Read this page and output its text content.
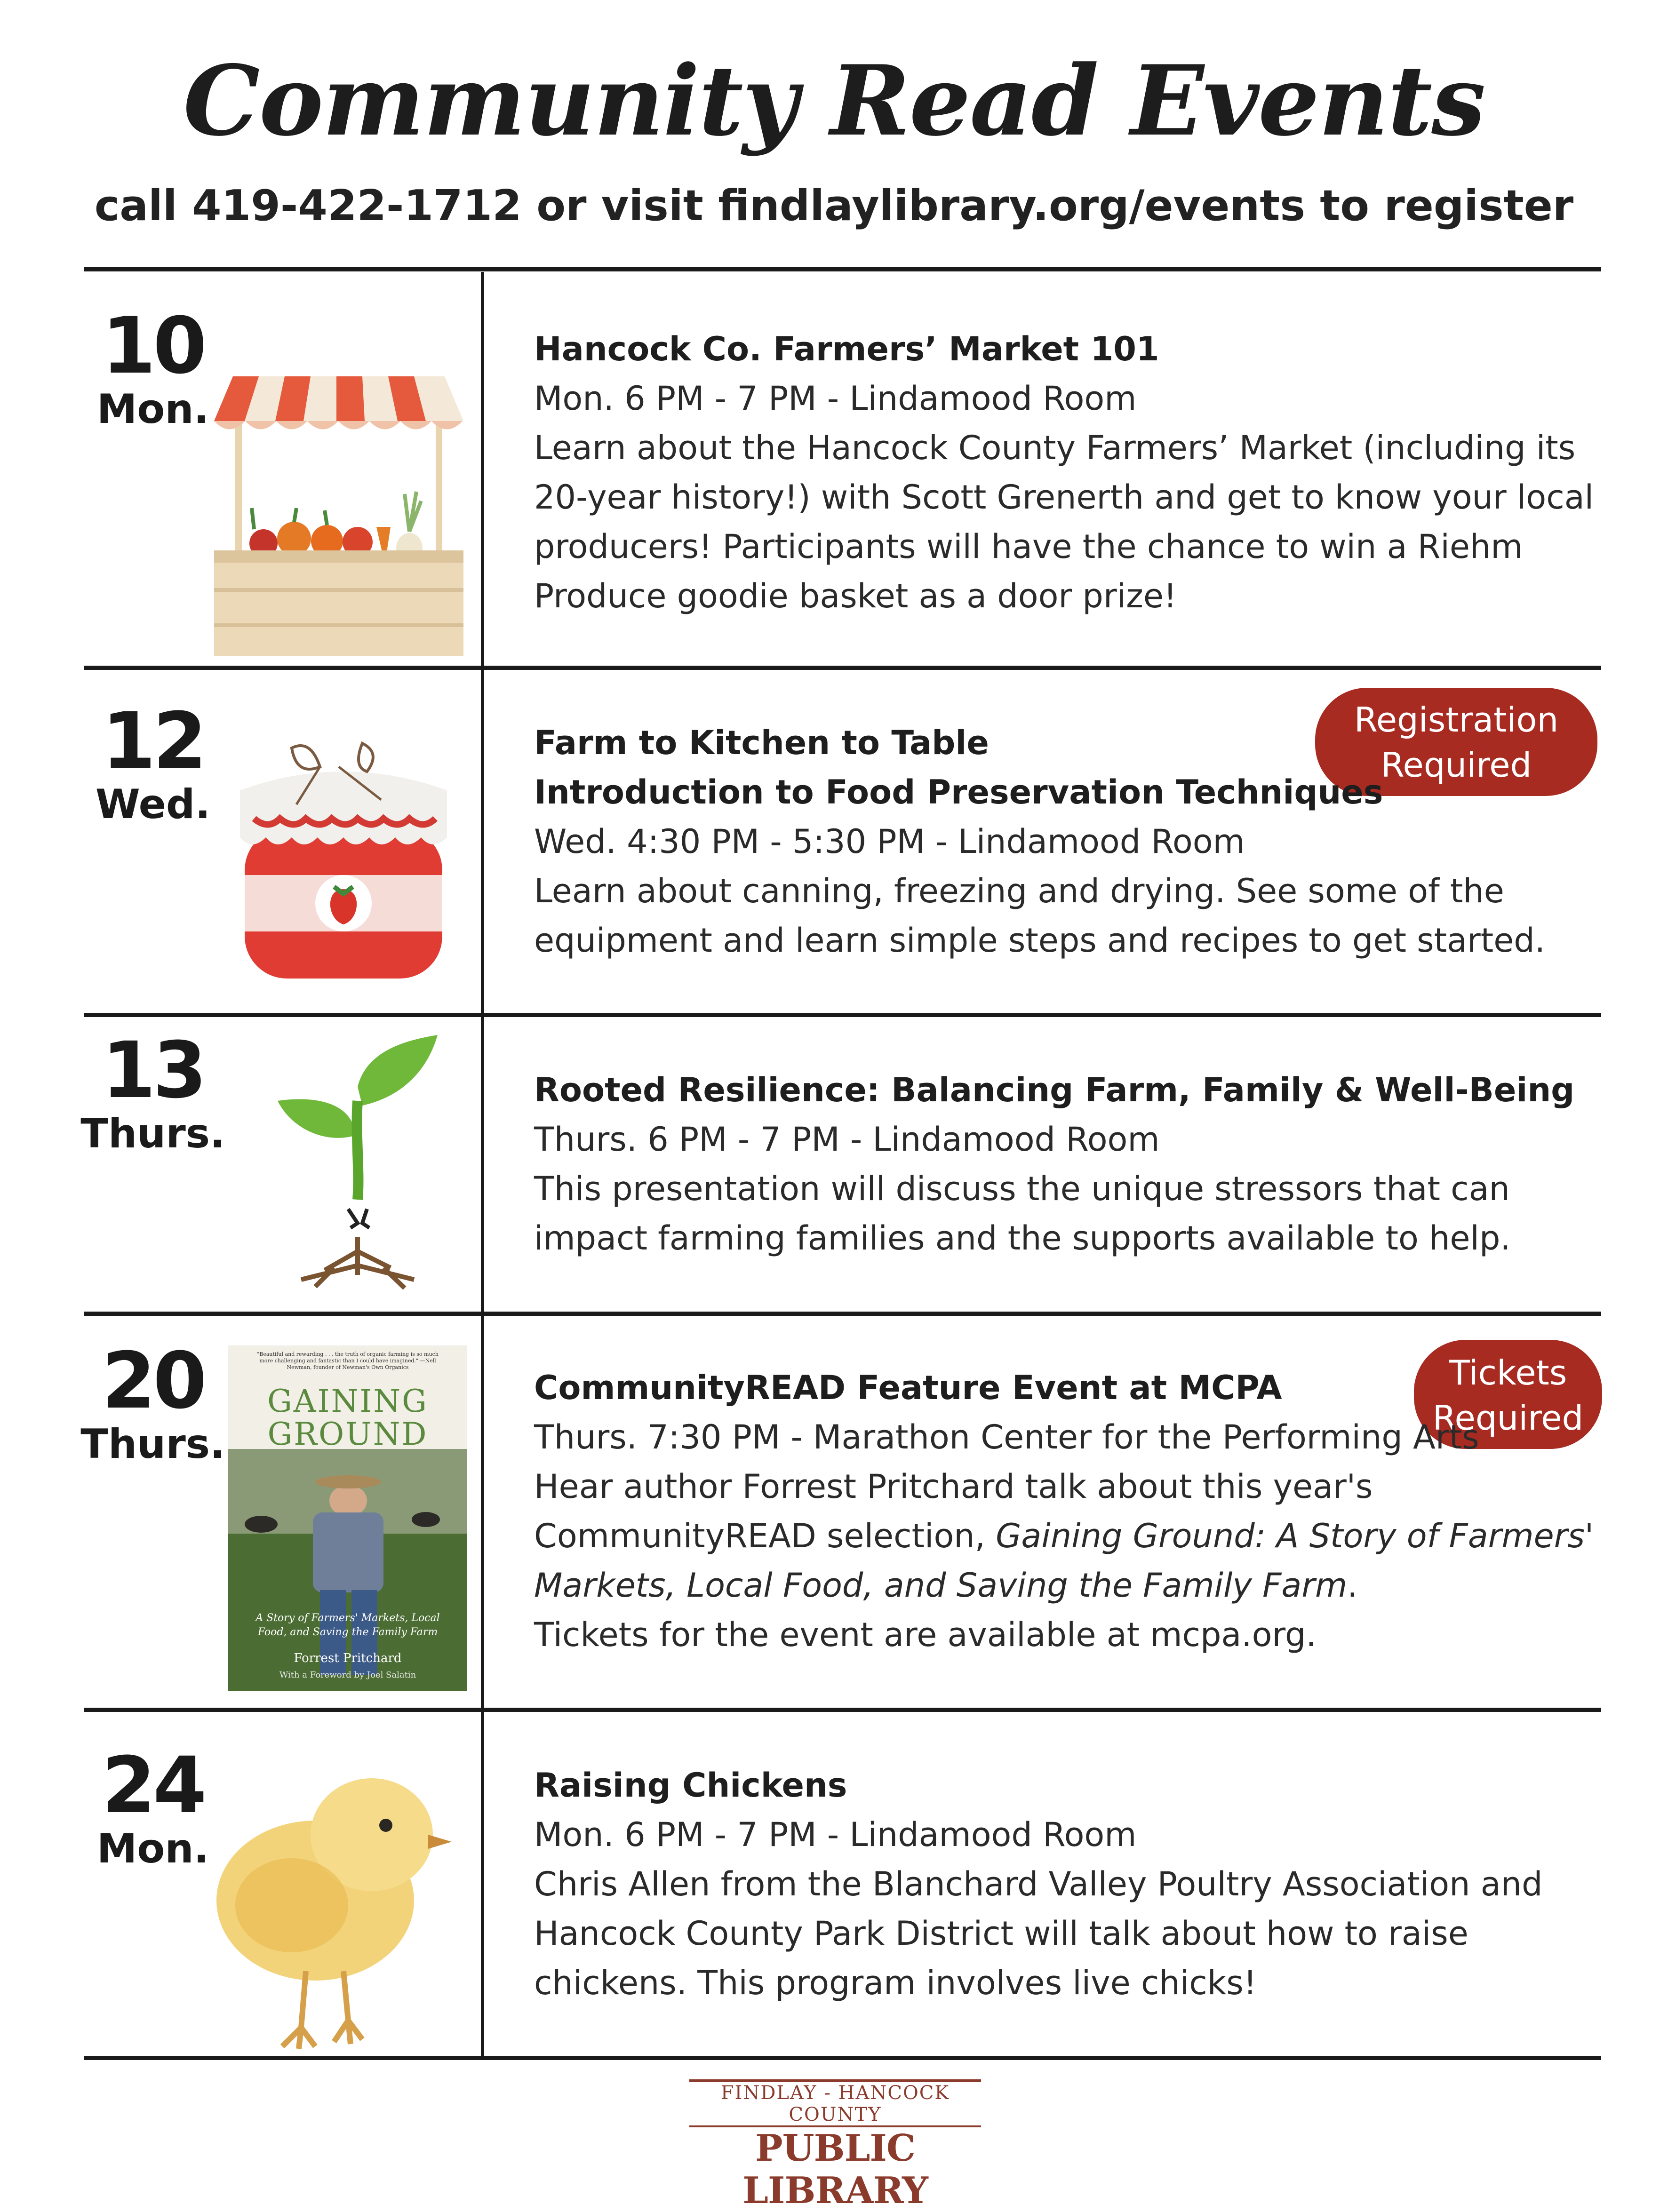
Community Read Events
call 419-422-1712 or visit findlaylibrary.org/events to register
10
Mon.
Hancock Co. Farmers’ Market 101
Mon. 6 PM - 7 PM - Lindamood Room
Learn about the Hancock County Farmers’ Market (including its
20-year history!) with Scott Grenerth and get to know your local
producers! Participants will have the chance to win a Riehm
Produce goodie basket as a door prize!
12
Wed.
Registration
Required
Farm to Kitchen to Table
Introduction to Food Preservation Techniques
Wed. 4:30 PM - 5:30 PM - Lindamood Room
Learn about canning, freezing and drying. See some of the
equipment and learn simple steps and recipes to get started.
13
Thurs.
Rooted Resilience: Balancing Farm, Family & Well-Being
Thurs. 6 PM - 7 PM - Lindamood Room
This presentation will discuss the unique stressors that can
impact farming families and the supports available to help.
20
Thurs.
"Beautiful and rewarding . . . the truth of organic farming is so much more challenging and fantastic than I could have imagined." —Nell Newman, founder of Newman's Own Organics
GAINING
GROUND
A Story of Farmers' Markets, Local Food, and Saving the Family Farm
Forrest Pritchard
With a Foreword by Joel Salatin
Tickets
Required
CommunityREAD Feature Event at MCPA
Thurs. 7:30 PM - Marathon Center for the Performing Arts
Hear author Forrest Pritchard talk about this year's
CommunityREAD selection, Gaining Ground: A Story of Farmers'
Markets, Local Food, and Saving the Family Farm.
Tickets for the event are available at mcpa.org.
24
Mon.
Raising Chickens
Mon. 6 PM - 7 PM - Lindamood Room
Chris Allen from the Blanchard Valley Poultry Association and
Hancock County Park District will talk about how to raise
chickens. This program involves live chicks!
FINDLAY - HANCOCK COUNTY
PUBLIC LIBRARY
